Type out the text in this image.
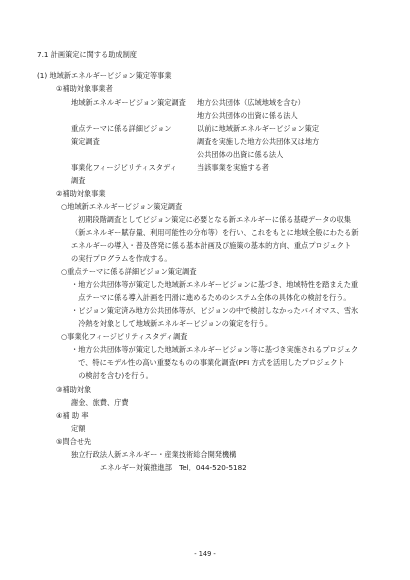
7.1 計画策定に関する助成制度
(1) 地域新エネルギービジョン策定等事業
①補助対象事業者
地域新エネルギービジョン策定調査 地方公共団体（広域地域を含む）
地方公共団体の出資に係る法人
重点テーマに係る詳細ビジョン	以前に地域新エネルギービジョン策定
策定調査	調査を実施した地方公共団体又は地方
公共団体の出資に係る法人
事業化フィージビリティスタディ	当該事業を実施する者
調査
②補助対象事業
○地域新エネルギービジョン策定調査
初期段階調査としてビジョン策定に必要となる新エネルギーに係る基礎データの収集
（新エネルギー賦存量、利用可能性の分布等）を行い、これをもとに地域全般にわたる新
エネルギーの導入・普及啓発に係る基本計画及び施策の基本的方向、重点プロジェクト
の実行プログラムを作成する。
○重点テーマに係る詳細ビジョン策定調査
・地方公共団体等が策定した地域新エネルギービジョンに基づき、地域特性を踏まえた重
　点テーマに係る導入計画を円滑に進めるためのシステム全体の具体化の検討を行う。
・ビジョン策定済み地方公共団体等が、ビジョンの中で検討しなかったバイオマス、雪氷
　冷熱を対象として地域新エネルギービジョンの策定を行う。
○事業化フィージビリティスタディ調査
・地方公共団体等が策定した地域新エネルギービジョン等に基づき実施されるプロジェク
　で、特にモデル性の高い重要なものの事業化調査(PFI 方式を活用したプロジェクト
　の検討を含む)を行う。
③補助対象
謝金、旅費、庁費
④補 助 率
定額
⑤問合せ先
独立行政法人新エネルギー・産業技術総合開発機構
エネルギー対策推進部　Tel．044-520-5182
- 149 -
